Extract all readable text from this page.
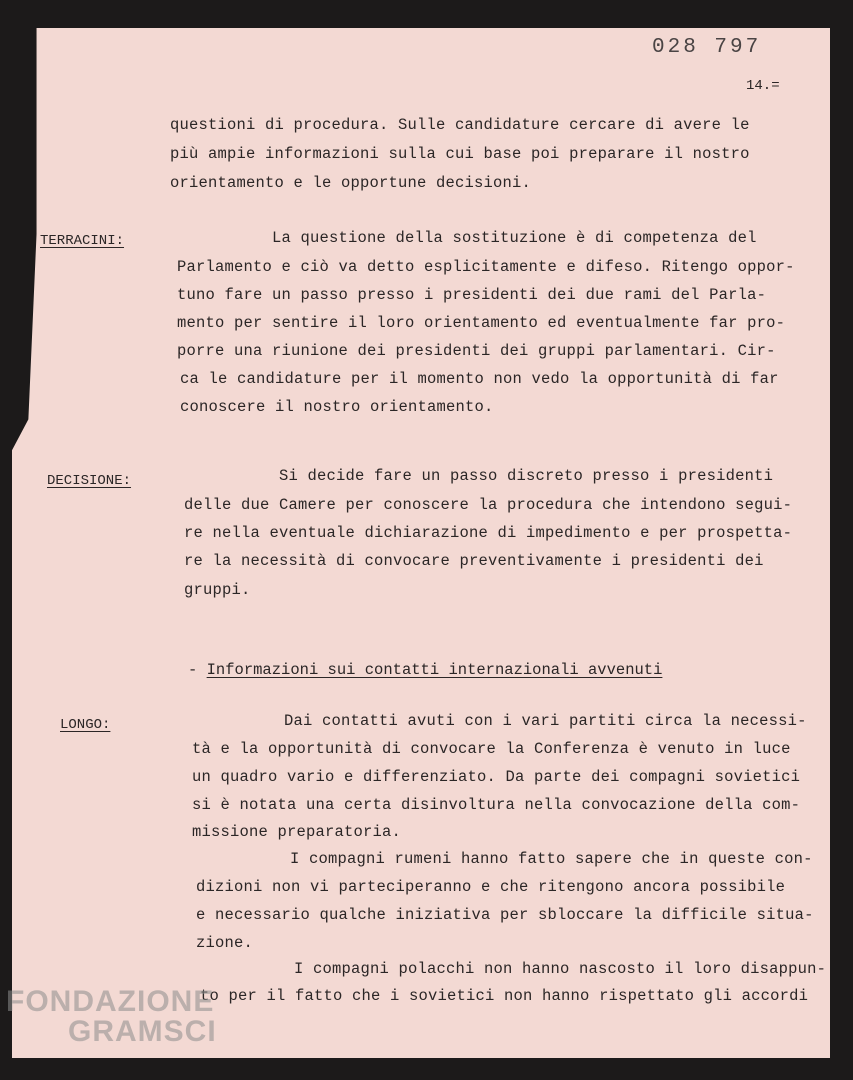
028 797
14.=
questioni di procedura. Sulle candidature cercare di avere le
più ampie informazioni sulla cui base poi preparare il nostro
orientamento e le opportune decisioni.
TERRACINI:	La questione della sostituzione è di competenza del
Parlamento e ciò va detto esplicitamente e difeso. Ritengo oppor-
tuno fare un passo presso i presidenti dei due rami del Parla-
mento per sentire il loro orientamento ed eventualmente far pro-
porre una riunione dei presidenti dei gruppi parlamentari. Cir-
ca le candidature per il momento non vedo la opportunità di far
conoscere il nostro orientamento.
DECISIONE:	Si decide fare un passo discreto presso i presidenti
delle due Camere per conoscere la procedura che intendono segui-
re nella eventuale dichiarazione di impedimento e per prospetta-
re la necessità di convocare preventivamente i presidenti dei
gruppi.
- Informazioni sui contatti internazionali avvenuti
LONGO:	Dai contatti avuti con i vari partiti circa la necessi-
tà e la opportunità di convocare la Conferenza è venuto in luce
un quadro vario e differenziato. Da parte dei compagni sovietici
si è notata una certa disinvoltura nella convocazione della com-
missione preparatoria.
I compagni rumeni hanno fatto sapere che in queste con-
dizioni non vi parteciperanno e che ritengono ancora possibile
e necessario qualche iniziativa per sbloccare la difficile situa-
zione.
I compagni polacchi non hanno nascosto il loro disappun-
to per il fatto che i sovietici non hanno rispettato gli accordi
FONDAZIONE
GRAMSCI
